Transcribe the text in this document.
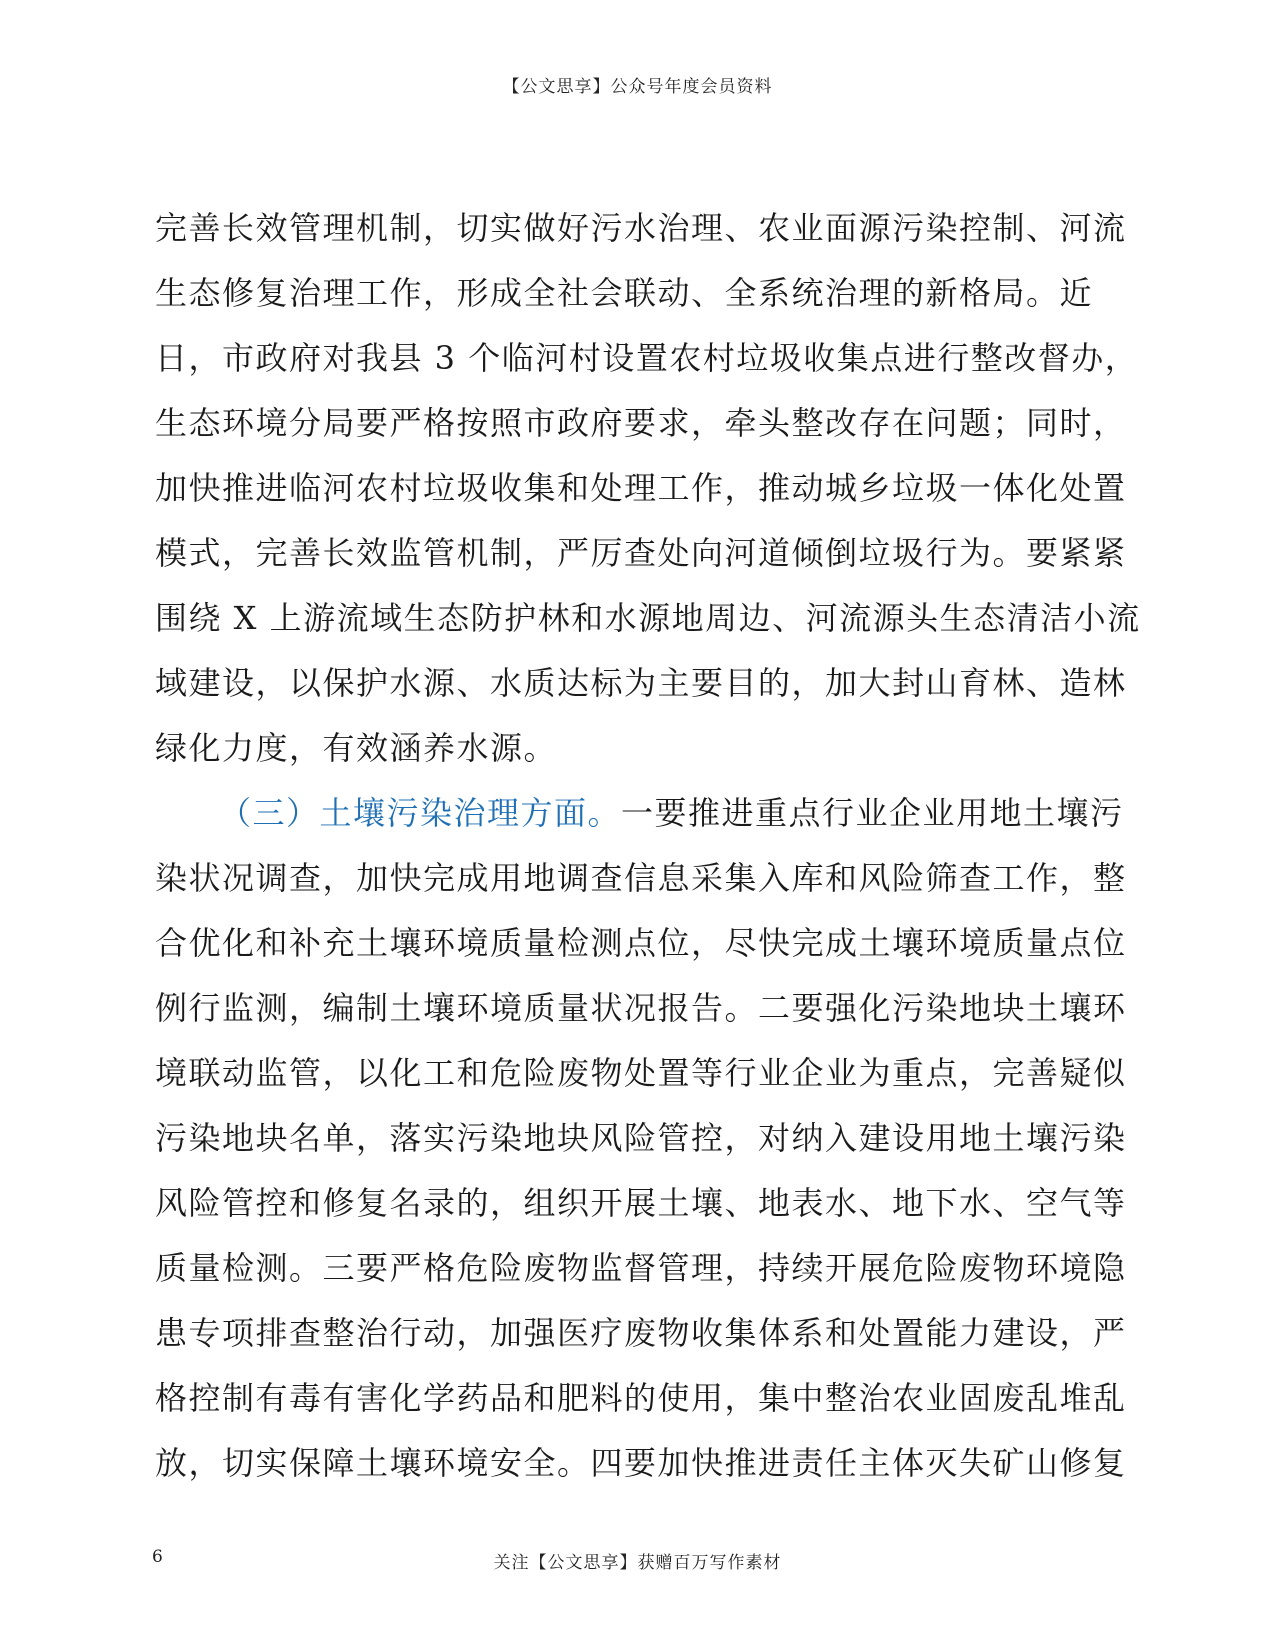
【公文思享】公众号年度会员资料
完善长效管理机制，切实做好污水治理、农业面源污染控制、河流
生态修复治理工作，形成全社会联动、全系统治理的新格局。近
日，市政府对我县 3 个临河村设置农村垃圾收集点进行整改督办，
生态环境分局要严格按照市政府要求，牵头整改存在问题；同时，
加快推进临河农村垃圾收集和处理工作，推动城乡垃圾一体化处置
模式，完善长效监管机制，严厉查处向河道倾倒垃圾行为。要紧紧
围绕 X 上游流域生态防护林和水源地周边、河流源头生态清洁小流
域建设，以保护水源、水质达标为主要目的，加大封山育林、造林
绿化力度，有效涵养水源。
（三）土壤污染治理方面。一要推进重点行业企业用地土壤污
染状况调查，加快完成用地调查信息采集入库和风险筛查工作，整
合优化和补充土壤环境质量检测点位，尽快完成土壤环境质量点位
例行监测，编制土壤环境质量状况报告。二要强化污染地块土壤环
境联动监管，以化工和危险废物处置等行业企业为重点，完善疑似
污染地块名单，落实污染地块风险管控，对纳入建设用地土壤污染
风险管控和修复名录的，组织开展土壤、地表水、地下水、空气等
质量检测。三要严格危险废物监督管理，持续开展危险废物环境隐
患专项排查整治行动，加强医疗废物收集体系和处置能力建设，严
格控制有毒有害化学药品和肥料的使用，集中整治农业固废乱堆乱
放，切实保障土壤环境安全。四要加快推进责任主体灭失矿山修复
6	关注【公文思享】获赠百万写作素材
